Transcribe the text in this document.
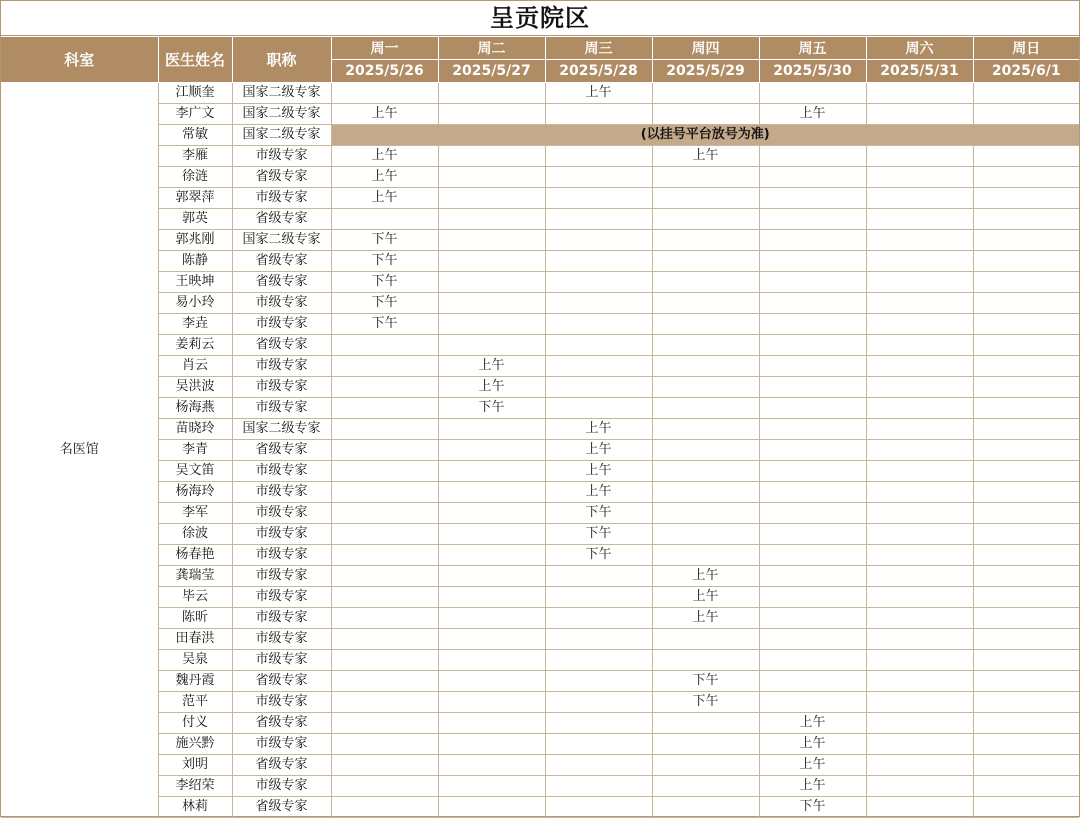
呈贡院区
科室	医生姓名	职称	周一	周二	周三	周四	周五	周六	周日
			2025/5/26	2025/5/27	2025/5/28	2025/5/29	2025/5/30	2025/5/31	2025/6/1
名医馆	江顺奎	国家二级专家			上午				
	李广文	国家二级专家	上午				上午		
	常敏	国家二级专家	(以挂号平台放号为准)						
	李雁	市级专家	上午			上午			
	徐涟	省级专家	上午						
	郭翠萍	市级专家	上午						
	郭英	省级专家							
	郭兆刚	国家二级专家	下午						
	陈静	省级专家	下午						
	王映坤	省级专家	下午						
	易小玲	市级专家	下午						
	李垚	市级专家	下午						
	姜莉云	省级专家							
	肖云	市级专家		上午					
	吴洪波	市级专家		上午					
	杨海燕	市级专家		下午					
	苗晓玲	国家二级专家			上午				
	李青	省级专家			上午				
	吴文笛	市级专家			上午				
	杨海玲	市级专家			上午				
	李军	市级专家			下午				
	徐波	市级专家			下午				
	杨春艳	市级专家			下午				
	龚瑞莹	市级专家				上午			
	毕云	市级专家				上午			
	陈昕	市级专家				上午			
	田春洪	市级专家							
	吴泉	市级专家							
	魏丹霞	省级专家				下午			
	范平	市级专家				下午			
	付义	省级专家					上午		
	施兴黔	市级专家					上午		
	刘明	省级专家					上午		
	李绍荣	市级专家					上午		
	林莉	省级专家					下午		
